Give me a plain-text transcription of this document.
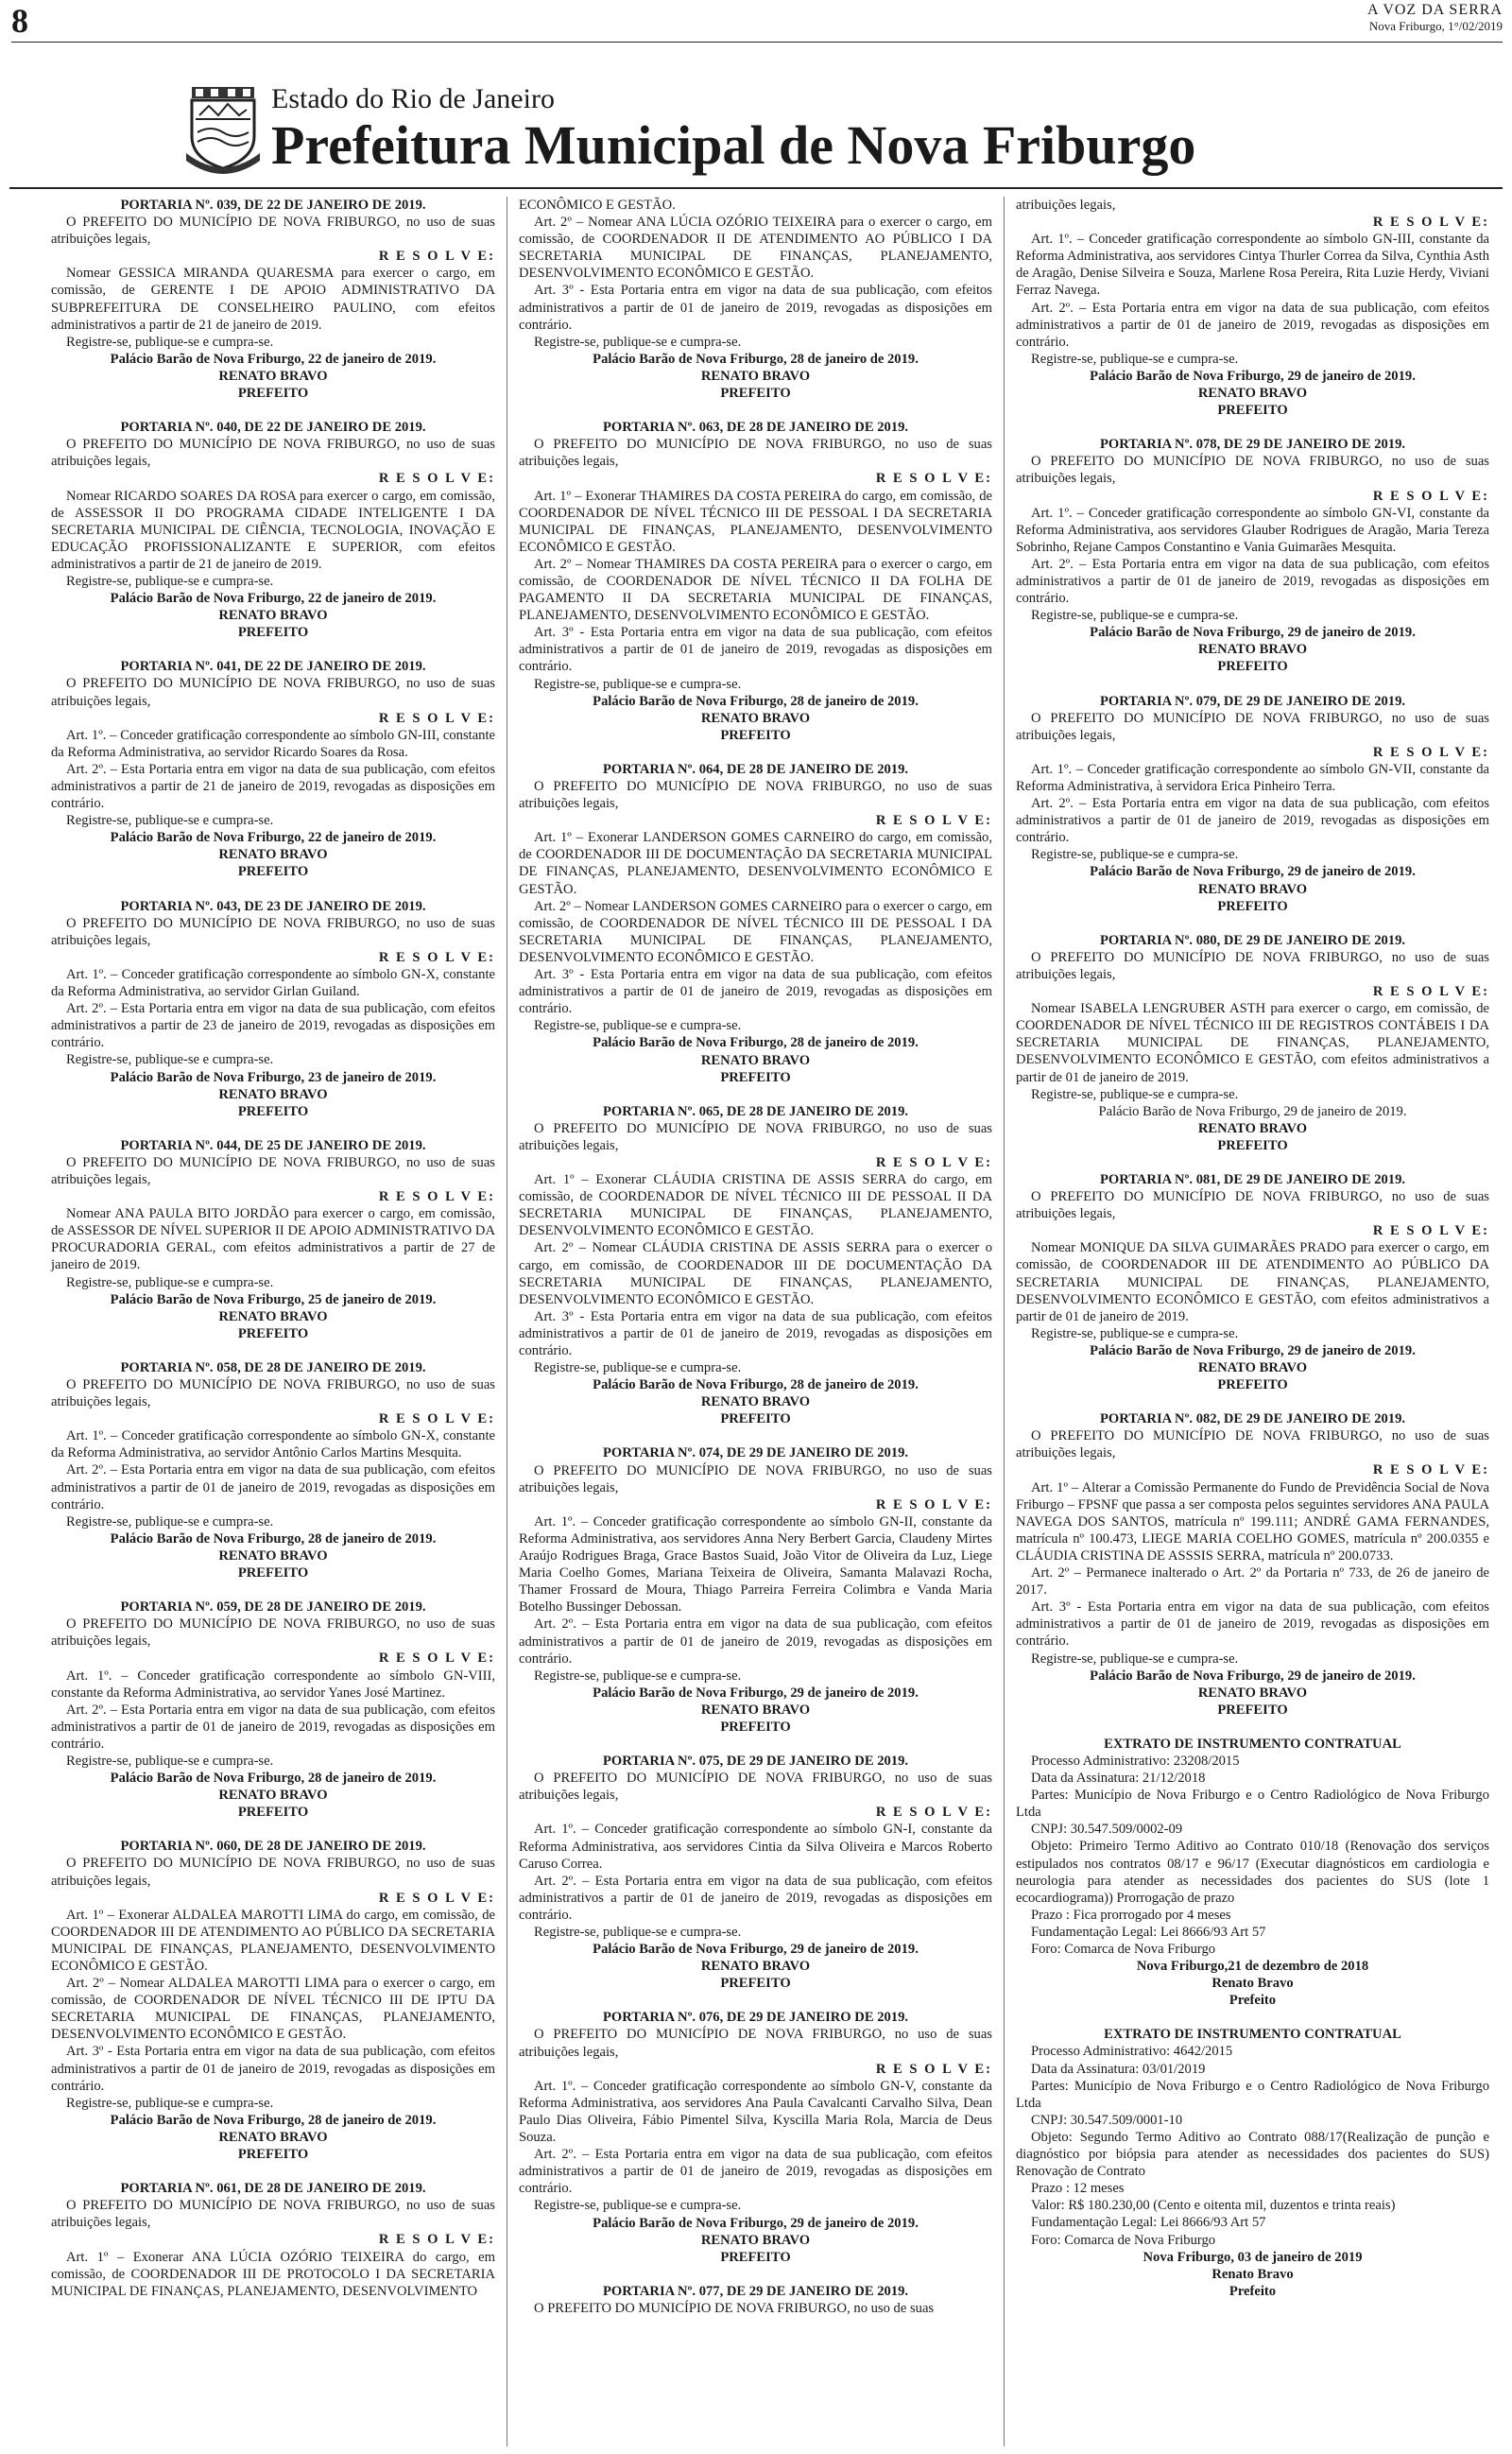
8	A VOZ DA SERRA
Nova Friburgo, 1°/02/2019
Estado do Rio de Janeiro
Prefeitura Municipal de Nova Friburgo
PORTARIA Nº. 039, DE 22 DE JANEIRO DE 2019.

O PREFEITO DO MUNICÍPIO DE NOVA FRIBURGO, no uso de suas atribuições legais,

R E S O L V E:

Nomear GESSICA MIRANDA QUARESMA para exercer o cargo, em comissão, de GERENTE I DE APOIO ADMINISTRATIVO DA SUBPREFEITURA DE CONSELHEIRO PAULINO, com efeitos administrativos a partir de 21 de janeiro de 2019.

Registre-se, publique-se e cumpra-se.

Palácio Barão de Nova Friburgo, 22 de janeiro de 2019.
RENATO BRAVO
PREFEITO
PORTARIA Nº. 040, DE 22 DE JANEIRO DE 2019.

O PREFEITO DO MUNICÍPIO DE NOVA FRIBURGO, no uso de suas atribuições legais,

R E S O L V E:

Nomear RICARDO SOARES DA ROSA para exercer o cargo, em comissão, de ASSESSOR II DO PROGRAMA CIDADE INTELIGENTE I DA SECRETARIA MUNICIPAL DE CIÊNCIA, TECNOLOGIA, INOVAÇÃO E EDUCAÇÃO PROFISSIONALIZANTE E SUPERIOR, com efeitos administrativos a partir de 21 de janeiro de 2019.

Registre-se, publique-se e cumpra-se.

Palácio Barão de Nova Friburgo, 22 de janeiro de 2019.
RENATO BRAVO
PREFEITO
PORTARIA Nº. 041, DE 22 DE JANEIRO DE 2019.

O PREFEITO DO MUNICÍPIO DE NOVA FRIBURGO, no uso de suas atribuições legais,

R E S O L V E:

Art. 1º. – Conceder gratificação correspondente ao símbolo GN-III, constante da Reforma Administrativa, ao servidor Ricardo Soares da Rosa.

Art. 2º. – Esta Portaria entra em vigor na data de sua publicação, com efeitos administrativos a partir de 21 de janeiro de 2019, revogadas as disposições em contrário.

Registre-se, publique-se e cumpra-se.

Palácio Barão de Nova Friburgo, 22 de janeiro de 2019.
RENATO BRAVO
PREFEITO
PORTARIA Nº. 043, DE 23 DE JANEIRO DE 2019.

O PREFEITO DO MUNICÍPIO DE NOVA FRIBURGO, no uso de suas atribuições legais,

R E S O L V E:

Art. 1º. – Conceder gratificação correspondente ao símbolo GN-X, constante da Reforma Administrativa, ao servidor Girlan Guiland.

Art. 2º. – Esta Portaria entra em vigor na data de sua publicação, com efeitos administrativos a partir de 23 de janeiro de 2019, revogadas as disposições em contrário.

Registre-se, publique-se e cumpra-se.

Palácio Barão de Nova Friburgo, 23 de janeiro de 2019.
RENATO BRAVO
PREFEITO
PORTARIA Nº. 044, DE 25 DE JANEIRO DE 2019.

O PREFEITO DO MUNICÍPIO DE NOVA FRIBURGO, no uso de suas atribuições legais,

R E S O L V E:

Nomear ANA PAULA BITO JORDÃO para exercer o cargo, em comissão, de ASSESSOR DE NÍVEL SUPERIOR II DE APOIO ADMINISTRATIVO DA PROCURADORIA GERAL, com efeitos administrativos a partir de 27 de janeiro de 2019.

Registre-se, publique-se e cumpra-se.

Palácio Barão de Nova Friburgo, 25 de janeiro de 2019.
RENATO BRAVO
PREFEITO
PORTARIA Nº. 058, DE 28 DE JANEIRO DE 2019.

O PREFEITO DO MUNICÍPIO DE NOVA FRIBURGO, no uso de suas atribuições legais,

R E S O L V E:

Art. 1º. – Conceder gratificação correspondente ao símbolo GN-X, constante da Reforma Administrativa, ao servidor Antônio Carlos Martins Mesquita.

Art. 2º. – Esta Portaria entra em vigor na data de sua publicação, com efeitos administrativos a partir de 01 de janeiro de 2019, revogadas as disposições em contrário.

Registre-se, publique-se e cumpra-se.

Palácio Barão de Nova Friburgo, 28 de janeiro de 2019.
RENATO BRAVO
PREFEITO
PORTARIA Nº. 059, DE 28 DE JANEIRO DE 2019.

O PREFEITO DO MUNICÍPIO DE NOVA FRIBURGO, no uso de suas atribuições legais,

R E S O L V E:

Art. 1º. – Conceder gratificação correspondente ao símbolo GN-VIII, constante da Reforma Administrativa, ao servidor Yanes José Martinez.

Art. 2º. – Esta Portaria entra em vigor na data de sua publicação, com efeitos administrativos a partir de 01 de janeiro de 2019, revogadas as disposições em contrário.

Registre-se, publique-se e cumpra-se.

Palácio Barão de Nova Friburgo, 28 de janeiro de 2019.
RENATO BRAVO
PREFEITO
PORTARIA Nº. 060, DE 28 DE JANEIRO DE 2019.

O PREFEITO DO MUNICÍPIO DE NOVA FRIBURGO, no uso de suas atribuições legais,

R E S O L V E:

Art. 1º – Exonerar ALDALEA MAROTTI LIMA do cargo, em comissão, de COORDENADOR III DE ATENDIMENTO AO PÚBLICO DA SECRETARIA MUNICIPAL DE FINANÇAS, PLANEJAMENTO, DESENVOLVIMENTO ECONÔMICO E GESTÃO.

Art. 2º – Nomear ALDALEA MAROTTI LIMA para o exercer o cargo, em comissão, de COORDENADOR DE NÍVEL TÉCNICO III DE IPTU DA SECRETARIA MUNICIPAL DE FINANÇAS, PLANEJAMENTO, DESENVOLVIMENTO ECONÔMICO E GESTÃO.

Art. 3º - Esta Portaria entra em vigor na data de sua publicação, com efeitos administrativos a partir de 01 de janeiro de 2019, revogadas as disposições em contrário.

Registre-se, publique-se e cumpra-se.

Palácio Barão de Nova Friburgo, 28 de janeiro de 2019.
RENATO BRAVO
PREFEITO
PORTARIA Nº. 061, DE 28 DE JANEIRO DE 2019.

O PREFEITO DO MUNICÍPIO DE NOVA FRIBURGO, no uso de suas atribuições legais,

R E S O L V E:

Art. 1º – Exonerar ANA LÚCIA OZÓRIO TEIXEIRA do cargo, em comissão, de COORDENADOR III DE PROTOCOLO I DA SECRETARIA MUNICIPAL DE FINANÇAS, PLANEJAMENTO, DESENVOLVIMENTO

ECONÔMICO E GESTÃO.

Art. 2º – Nomear ANA LÚCIA OZÓRIO TEIXEIRA para o exercer o cargo, em comissão, de COORDENADOR II DE ATENDIMENTO AO PÚBLICO I DA SECRETARIA MUNICIPAL DE FINANÇAS, PLANEJAMENTO, DESENVOLVIMENTO ECONÔMICO E GESTÃO.

Art. 3º - Esta Portaria entra em vigor na data de sua publicação, com efeitos administrativos a partir de 01 de janeiro de 2019, revogadas as disposições em contrário.

Registre-se, publique-se e cumpra-se.

Palácio Barão de Nova Friburgo, 28 de janeiro de 2019.
RENATO BRAVO
PREFEITO
PORTARIA Nº. 063, DE 28 DE JANEIRO DE 2019.

O PREFEITO DO MUNICÍPIO DE NOVA FRIBURGO, no uso de suas atribuições legais,

R E S O L V E:

Art. 1º – Exonerar THAMIRES DA COSTA PEREIRA do cargo, em comissão, de COORDENADOR DE NÍVEL TÉCNICO III DE PESSOAL I DA SECRETARIA MUNICIPAL DE FINANÇAS, PLANEJAMENTO, DESENVOLVIMENTO ECONÔMICO E GESTÃO.

Art. 2º – Nomear THAMIRES DA COSTA PEREIRA para o exercer o cargo, em comissão, de COORDENADOR DE NÍVEL TÉCNICO II DA FOLHA DE PAGAMENTO II DA SECRETARIA MUNICIPAL DE FINANÇAS, PLANEJAMENTO, DESENVOLVIMENTO ECONÔMICO E GESTÃO.

Art. 3º - Esta Portaria entra em vigor na data de sua publicação, com efeitos administrativos a partir de 01 de janeiro de 2019, revogadas as disposições em contrário.

Registre-se, publique-se e cumpra-se.

Palácio Barão de Nova Friburgo, 28 de janeiro de 2019.
RENATO BRAVO
PREFEITO
PORTARIA Nº. 064, DE 28 DE JANEIRO DE 2019.

O PREFEITO DO MUNICÍPIO DE NOVA FRIBURGO, no uso de suas atribuições legais,

R E S O L V E:

Art. 1º – Exonerar LANDERSON GOMES CARNEIRO do cargo, em comissão, de COORDENADOR III DE DOCUMENTAÇÃO DA SECRETARIA MUNICIPAL DE FINANÇAS, PLANEJAMENTO, DESENVOLVIMENTO ECONÔMICO E GESTÃO.

Art. 2º – Nomear LANDERSON GOMES CARNEIRO para o exercer o cargo, em comissão, de COORDENADOR DE NÍVEL TÉCNICO III DE PESSOAL I DA SECRETARIA MUNICIPAL DE FINANÇAS, PLANEJAMENTO, DESENVOLVIMENTO ECONÔMICO E GESTÃO.

Art. 3º - Esta Portaria entra em vigor na data de sua publicação, com efeitos administrativos a partir de 01 de janeiro de 2019, revogadas as disposições em contrário.

Registre-se, publique-se e cumpra-se.

Palácio Barão de Nova Friburgo, 28 de janeiro de 2019.
RENATO BRAVO
PREFEITO
PORTARIA Nº. 065, DE 28 DE JANEIRO DE 2019.

O PREFEITO DO MUNICÍPIO DE NOVA FRIBURGO, no uso de suas atribuições legais,

R E S O L V E:

Art. 1º – Exonerar CLÁUDIA CRISTINA DE ASSIS SERRA do cargo, em comissão, de COORDENADOR DE NÍVEL TÉCNICO III DE PESSOAL II DA SECRETARIA MUNICIPAL DE FINANÇAS, PLANEJAMENTO, DESENVOLVIMENTO ECONÔMICO E GESTÃO.

Art. 2º – Nomear CLÁUDIA CRISTINA DE ASSIS SERRA para o exercer o cargo, em comissão, de COORDENADOR III DE DOCUMENTAÇÃO DA SECRETARIA MUNICIPAL DE FINANÇAS, PLANEJAMENTO, DESENVOLVIMENTO ECONÔMICO E GESTÃO.

Art. 3º - Esta Portaria entra em vigor na data de sua publicação, com efeitos administrativos a partir de 01 de janeiro de 2019, revogadas as disposições em contrário.

Registre-se, publique-se e cumpra-se.

Palácio Barão de Nova Friburgo, 28 de janeiro de 2019.
RENATO BRAVO
PREFEITO
PORTARIA Nº. 074, DE 29 DE JANEIRO DE 2019.

O PREFEITO DO MUNICÍPIO DE NOVA FRIBURGO, no uso de suas atribuições legais,

R E S O L V E:

Art. 1º. – Conceder gratificação correspondente ao símbolo GN-II, constante da Reforma Administrativa, aos servidores Anna Nery Berbert Garcia, Claudeny Mirtes Araújo Rodrigues Braga, Grace Bastos Suaid, João Vitor de Oliveira da Luz, Liege Maria Coelho Gomes, Mariana Teixeira de Oliveira, Samanta Malavazi Rocha, Thamer Frossard de Moura, Thiago Parreira Ferreira Colimbra e Vanda Maria Botelho Bussinger Debossan.

Art. 2º. – Esta Portaria entra em vigor na data de sua publicação, com efeitos administrativos a partir de 01 de janeiro de 2019, revogadas as disposições em contrário.

Registre-se, publique-se e cumpra-se.

Palácio Barão de Nova Friburgo, 29 de janeiro de 2019.
RENATO BRAVO
PREFEITO
PORTARIA Nº. 075, DE 29 DE JANEIRO DE 2019.

O PREFEITO DO MUNICÍPIO DE NOVA FRIBURGO, no uso de suas atribuições legais,

R E S O L V E:

Art. 1º. – Conceder gratificação correspondente ao símbolo GN-I, constante da Reforma Administrativa, aos servidores Cintia da Silva Oliveira e Marcos Roberto Caruso Correa.

Art. 2º. – Esta Portaria entra em vigor na data de sua publicação, com efeitos administrativos a partir de 01 de janeiro de 2019, revogadas as disposições em contrário.

Registre-se, publique-se e cumpra-se.

Palácio Barão de Nova Friburgo, 29 de janeiro de 2019.
RENATO BRAVO
PREFEITO
PORTARIA Nº. 076, DE 29 DE JANEIRO DE 2019.

O PREFEITO DO MUNICÍPIO DE NOVA FRIBURGO, no uso de suas atribuições legais,

R E S O L V E:

Art. 1º. – Conceder gratificação correspondente ao símbolo GN-V, constante da Reforma Administrativa, aos servidores Ana Paula Cavalcanti Carvalho Silva, Dean Paulo Dias Oliveira, Fábio Pimentel Silva, Kyscilla Maria Rola, Marcia de Deus Souza.

Art. 2º. – Esta Portaria entra em vigor na data de sua publicação, com efeitos administrativos a partir de 01 de janeiro de 2019, revogadas as disposições em contrário.

Registre-se, publique-se e cumpra-se.

Palácio Barão de Nova Friburgo, 29 de janeiro de 2019.
RENATO BRAVO
PREFEITO
PORTARIA Nº. 077, DE 29 DE JANEIRO DE 2019.

O PREFEITO DO MUNICÍPIO DE NOVA FRIBURGO, no uso de suas

atribuições legais,
R E S O L V E:

Art. 1º. – Conceder gratificação correspondente ao símbolo GN-III, constante da Reforma Administrativa, aos servidores Cintya Thurler Correa da Silva, Cynthia Asth de Aragão, Denise Silveira e Souza, Marlene Rosa Pereira, Rita Luzie Herdy, Viviani Ferraz Navega.

Art. 2º. – Esta Portaria entra em vigor na data de sua publicação, com efeitos administrativos a partir de 01 de janeiro de 2019, revogadas as disposições em contrário.

Registre-se, publique-se e cumpra-se.

Palácio Barão de Nova Friburgo, 29 de janeiro de 2019.
RENATO BRAVO
PREFEITO
PORTARIA Nº. 078, DE 29 DE JANEIRO DE 2019.

O PREFEITO DO MUNICÍPIO DE NOVA FRIBURGO, no uso de suas atribuições legais,

R E S O L V E:

Art. 1º. – Conceder gratificação correspondente ao símbolo GN-VI, constante da Reforma Administrativa, aos servidores Glauber Rodrigues de Aragão, Maria Tereza Sobrinho, Rejane Campos Constantino e Vania Guimarães Mesquita.

Art. 2º. – Esta Portaria entra em vigor na data de sua publicação, com efeitos administrativos a partir de 01 de janeiro de 2019, revogadas as disposições em contrário.

Registre-se, publique-se e cumpra-se.

Palácio Barão de Nova Friburgo, 29 de janeiro de 2019.
RENATO BRAVO
PREFEITO
PORTARIA Nº. 079, DE 29 DE JANEIRO DE 2019.

O PREFEITO DO MUNICÍPIO DE NOVA FRIBURGO, no uso de suas atribuições legais,

R E S O L V E:

Art. 1º. – Conceder gratificação correspondente ao símbolo GN-VII, constante da Reforma Administrativa, à servidora Erica Pinheiro Terra.

Art. 2º. – Esta Portaria entra em vigor na data de sua publicação, com efeitos administrativos a partir de 01 de janeiro de 2019, revogadas as disposições em contrário.

Registre-se, publique-se e cumpra-se.

Palácio Barão de Nova Friburgo, 29 de janeiro de 2019.
RENATO BRAVO
PREFEITO
PORTARIA Nº. 080, DE 29 DE JANEIRO DE 2019.

O PREFEITO DO MUNICÍPIO DE NOVA FRIBURGO, no uso de suas atribuições legais,

R E S O L V E:

Nomear ISABELA LENGRUBER ASTH para exercer o cargo, em comissão, de COORDENADOR DE NÍVEL TÉCNICO III DE REGISTROS CONTÁBEIS I DA SECRETARIA MUNICIPAL DE FINANÇAS, PLANEJAMENTO, DESENVOLVIMENTO ECONÔMICO E GESTÃO, com efeitos administrativos a partir de 01 de janeiro de 2019.

Registre-se, publique-se e cumpra-se.

Palácio Barão de Nova Friburgo, 29 de janeiro de 2019.
RENATO BRAVO
PREFEITO
PORTARIA Nº. 081, DE 29 DE JANEIRO DE 2019.

O PREFEITO DO MUNICÍPIO DE NOVA FRIBURGO, no uso de suas atribuições legais,

R E S O L V E:

Nomear MONIQUE DA SILVA GUIMARÃES PRADO para exercer o cargo, em comissão, de COORDENADOR III DE ATENDIMENTO AO PÚBLICO DA SECRETARIA MUNICIPAL DE FINANÇAS, PLANEJAMENTO, DESENVOLVIMENTO ECONÔMICO E GESTÃO, com efeitos administrativos a partir de 01 de janeiro de 2019.

Registre-se, publique-se e cumpra-se.

Palácio Barão de Nova Friburgo, 29 de janeiro de 2019.
RENATO BRAVO
PREFEITO
PORTARIA Nº. 082, DE 29 DE JANEIRO DE 2019.

O PREFEITO DO MUNICÍPIO DE NOVA FRIBURGO, no uso de suas atribuições legais,

R E S O L V E:

Art. 1º – Alterar a Comissão Permanente do Fundo de Previdência Social de Nova Friburgo – FPSNF que passa a ser composta pelos seguintes servidores ANA PAULA NAVEGA DOS SANTOS, matrícula nº 199.111; ANDRÉ GAMA FERNANDES, matrícula nº 100.473, LIEGE MARIA COELHO GOMES, matrícula nº 200.0355 e CLÁUDIA CRISTINA DE ASSSIS SERRA, matrícula nº 200.0733.

Art. 2º – Permanece inalterado o Art. 2º da Portaria nº 733, de 26 de janeiro de 2017.

Art. 3º - Esta Portaria entra em vigor na data de sua publicação, com efeitos administrativos a partir de 01 de janeiro de 2019, revogadas as disposições em contrário.

Registre-se, publique-se e cumpra-se.

Palácio Barão de Nova Friburgo, 29 de janeiro de 2019.
RENATO BRAVO
PREFEITO
EXTRATO DE INSTRUMENTO CONTRATUAL

Processo Administrativo: 23208/2015

Data da Assinatura: 21/12/2018

Partes: Município de Nova Friburgo e o Centro Radiológico de Nova Friburgo Ltda

CNPJ: 30.547.509/0002-09

Objeto: Primeiro Termo Aditivo ao Contrato 010/18 (Renovação dos serviços estipulados nos contratos 08/17 e 96/17 (Executar diagnósticos em cardiologia e neurologia para atender as necessidades dos pacientes do SUS (lote 1 ecocardiograma)) Prorrogação de prazo

Prazo : Fica prorrogado por 4 meses

Fundamentação Legal: Lei 8666/93 Art 57

Foro: Comarca de Nova Friburgo

Nova Friburgo,21 de dezembro de 2018
Renato Bravo
Prefeito
EXTRATO DE INSTRUMENTO CONTRATUAL

Processo Administrativo: 4642/2015

Data da Assinatura: 03/01/2019

Partes: Município de Nova Friburgo e o Centro Radiológico de Nova Friburgo Ltda

CNPJ: 30.547.509/0001-10

Objeto: Segundo Termo Aditivo ao Contrato 088/17(Realização de punção e diagnóstico por biópsia para atender as necessidades dos pacientes do SUS) Renovação de Contrato

Prazo : 12 meses

Valor: R$ 180.230,00 (Cento e oitenta mil, duzentos e trinta reais)

Fundamentação Legal: Lei 8666/93 Art 57

Foro: Comarca de Nova Friburgo

Nova Friburgo, 03 de janeiro de 2019
Renato Bravo
Prefeito
